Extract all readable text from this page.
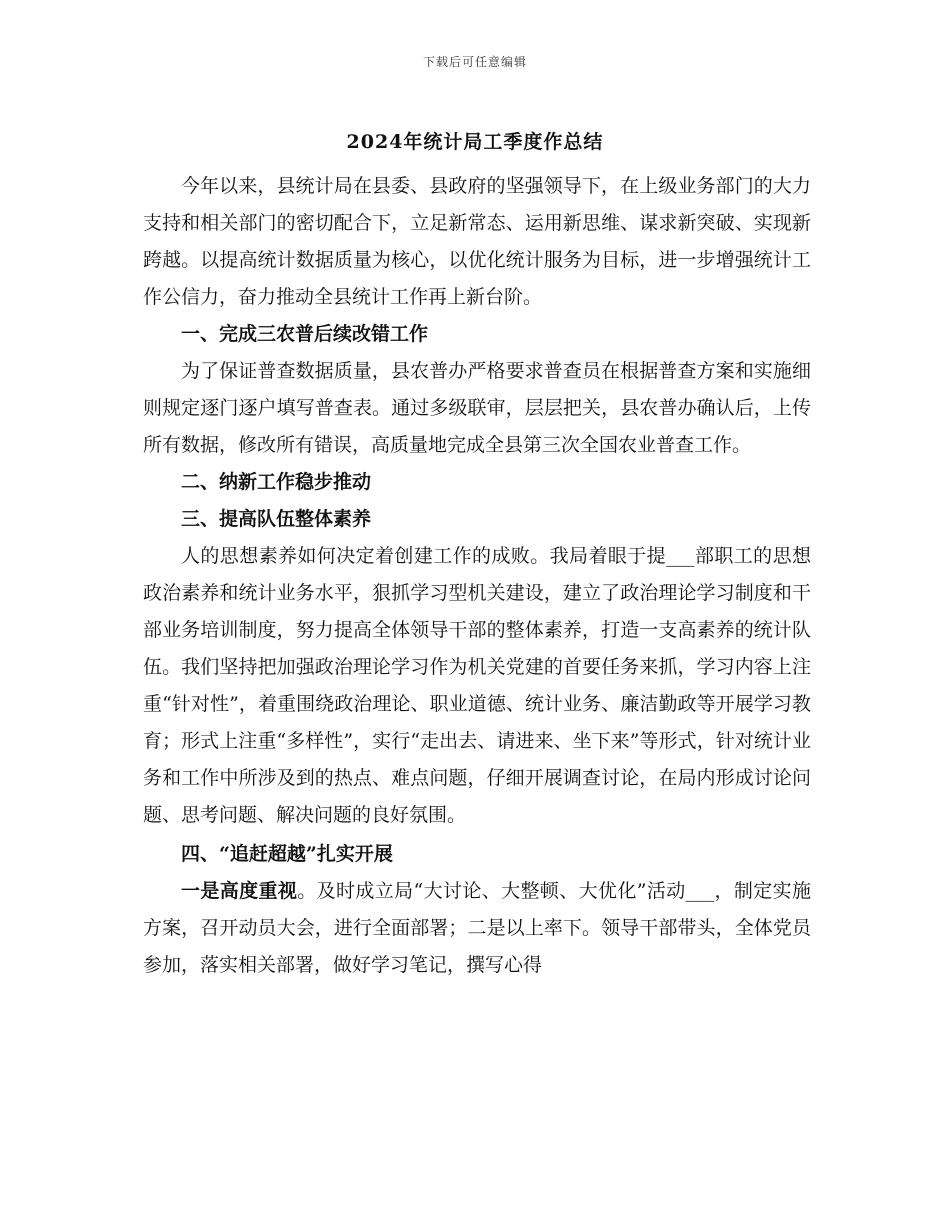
下载后可任意编辑
2024年统计局工季度作总结

今年以来，县统计局在县委、县政府的坚强领导下，在上级业务部门的大力支持和相关部门的密切配合下，立足新常态、运用新思维、谋求新突破、实现新跨越。以提高统计数据质量为核心，以优化统计服务为目标，进一步增强统计工作公信力，奋力推动全县统计工作再上新台阶。

一、完成三农普后续改错工作

为了保证普查数据质量，县农普办严格要求普查员在根据普查方案和实施细则规定逐门逐户填写普查表。通过多级联审，层层把关，县农普办确认后，上传所有数据，修改所有错误，高质量地完成全县第三次全国农业普查工作。

二、纳新工作稳步推动

三、提高队伍整体素养

人的思想素养如何决定着创建工作的成败。我局着眼于提___部职工的思想政治素养和统计业务水平，狠抓学习型机关建设，建立了政治理论学习制度和干部业务培训制度，努力提高全体领导干部的整体素养，打造一支高素养的统计队伍。我们坚持把加强政治理论学习作为机关党建的首要任务来抓，学习内容上注重“针对性”，着重围绕政治理论、职业道德、统计业务、廉洁勤政等开展学习教育；形式上注重“多样性”，实行“走出去、请进来、坐下来”等形式，针对统计业务和工作中所涉及到的热点、难点问题，仔细开展调查讨论，在局内形成讨论问题、思考问题、解决问题的良好氛围。

四、“追赶超越”扎实开展

一是高度重视。及时成立局“大讨论、大整顿、大优化”活动___，制定实施方案，召开动员大会，进行全面部署；二是以上率下。领导干部带头，全体党员参加，落实相关部署，做好学习笔记，撰写心得
